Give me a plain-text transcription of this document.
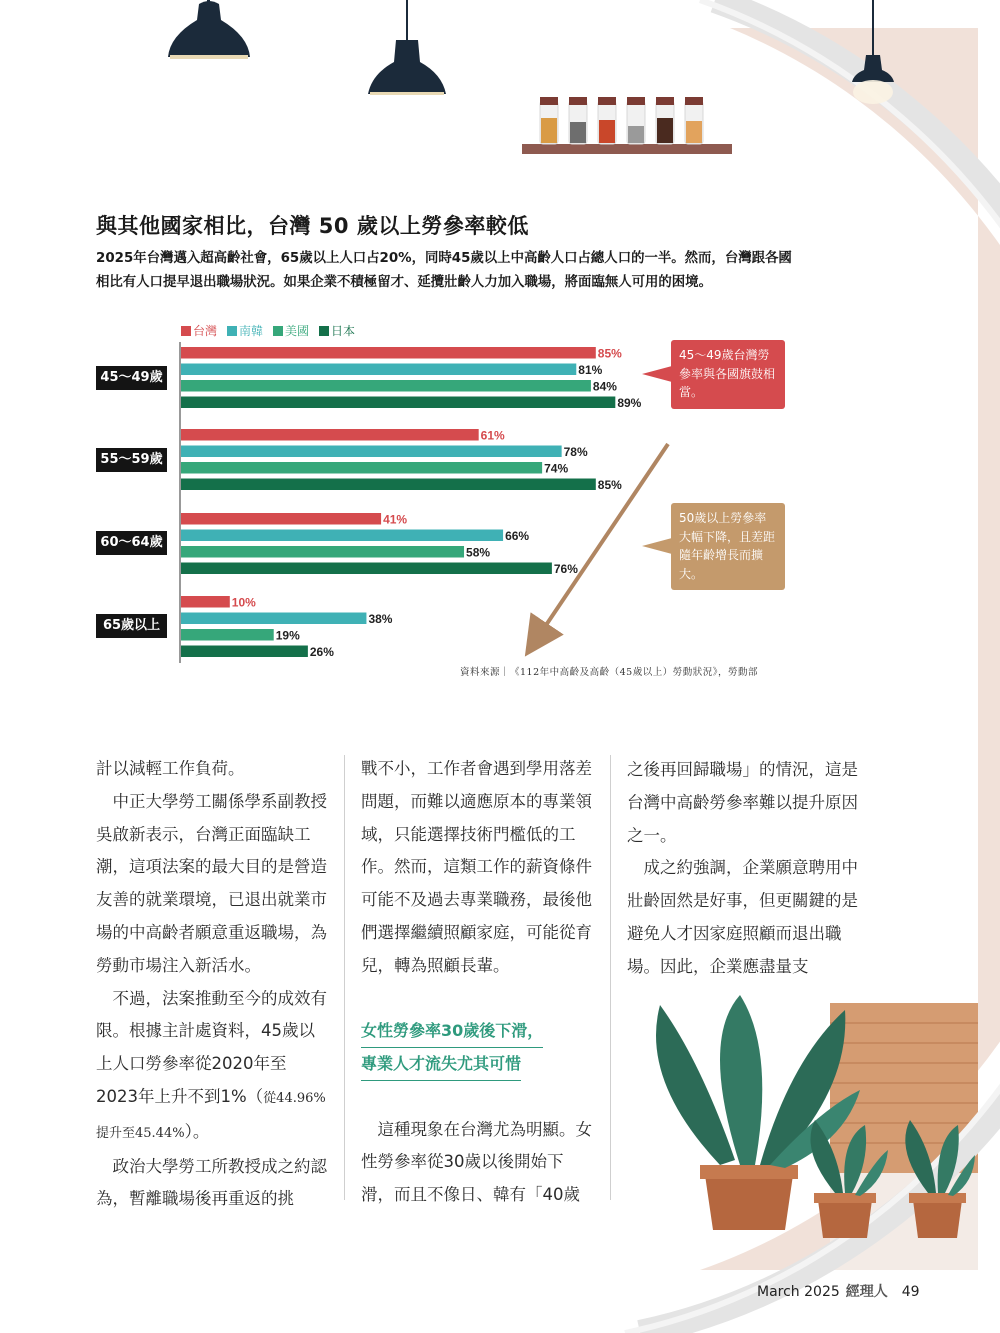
與其他國家相比，台灣 50 歲以上勞參率較低

2025年台灣邁入超高齡社會，65歲以上人口占20%，同時45歲以上中高齡人口占總人口的一半。然而，台灣跟各國相比有人口提早退出職場狀況。如果企業不積極留才、延攬壯齡人力加入職場，將面臨無人可用的困境。

台灣 南韓 美國 日本
85%
81%
84%
89%
61%
78%
74%
85%
41%
66%
58%
76%
10%
38%
19%
26%
45～49歲
55～59歲
60～64歲
65歲以上
45～49歲台灣勞參率與各國旗鼓相當。
50歲以上勞參率大幅下降，且差距隨年齡增長而擴大。
資料來源｜《112年中高齡及高齡（45歲以上）勞動狀況》，勞動部

計以減輕工作負荷。

中正大學勞工關係學系副教授吳啟新表示，台灣正面臨缺工潮，這項法案的最大目的是營造友善的就業環境，已退出就業市場的中高齡者願意重返職場，為勞動市場注入新活水。

不過，法案推動至今的成效有限。根據主計處資料，45歲以上人口勞參率從2020年至2023年上升不到1%（從44.96%提升至45.44%）。

政治大學勞工所教授成之約認為，暫離職場後再重返的挑

戰不小，工作者會遇到學用落差問題，而難以適應原本的專業領域，只能選擇技術門檻低的工作。然而，這類工作的薪資條件可能不及過去專業職務，最後他們選擇繼續照顧家庭，可能從育兒，轉為照顧長輩。

女性勞參率30歲後下滑，
專業人才流失尤其可惜

這種現象在台灣尤為明顯。女性勞參率從30歲以後開始下滑，而且不像日、韓有「40歲

之後再回歸職場」的情況，這是台灣中高齡勞參率難以提升原因之一。

成之約強調，企業願意聘用中壯齡固然是好事，但更關鍵的是避免人才因家庭照顧而退出職場。因此，企業應盡量支

March 2025 經理人 49
